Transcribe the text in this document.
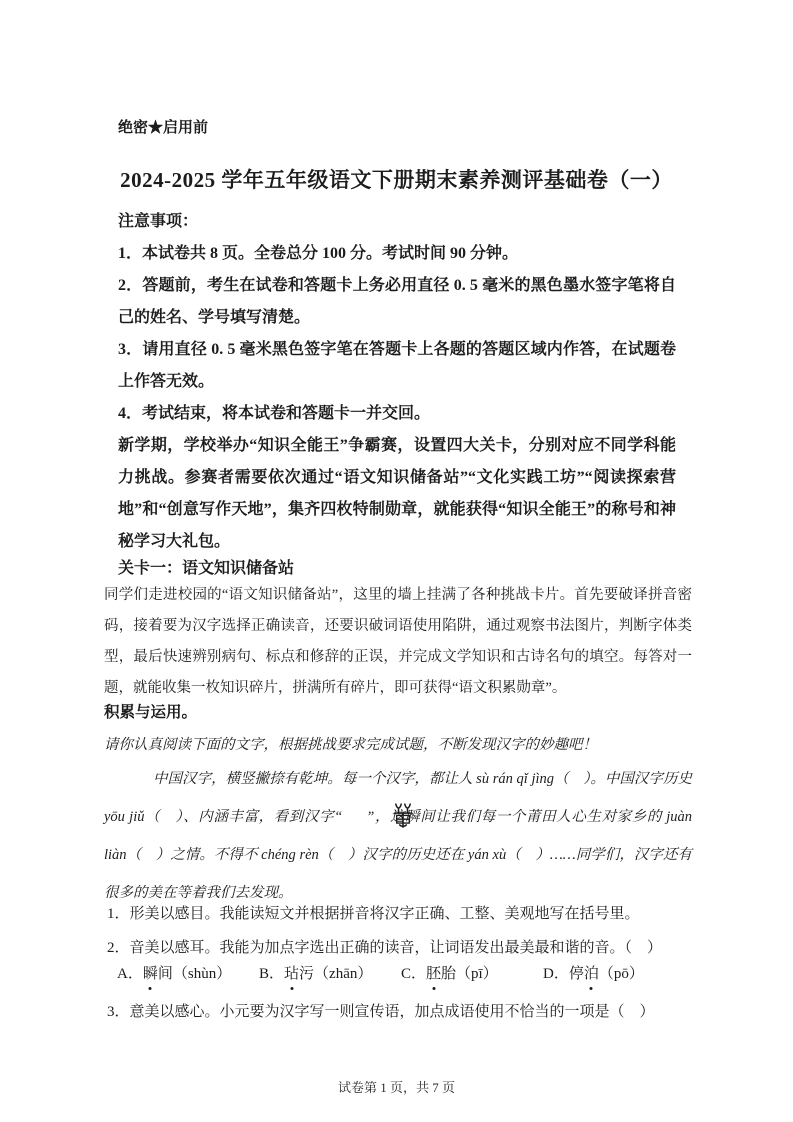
绝密★启用前
2024-2025 学年五年级语文下册期末素养测评基础卷（一）

注意事项：

1．本试卷共 8 页。全卷总分 100 分。考试时间 90 分钟。

2．答题前，考生在试卷和答题卡上务必用直径 0. 5 毫米的黑色墨水签字笔将自己的姓名、学号填写清楚。

3．请用直径 0. 5 毫米黑色签字笔在答题卡上各题的答题区域内作答，在试题卷上作答无效。

4．考试结束，将本试卷和答题卡一并交回。

新学期，学校举办“知识全能王”争霸赛，设置四大关卡，分别对应不同学科能力挑战。参赛者需要依次通过“语文知识储备站”“文化实践工坊”“阅读探索营地”和“创意写作天地”，集齐四枚特制勋章，就能获得“知识全能王”的称号和神秘学习大礼包。

关卡一：语文知识储备站
同学们走进校园的“语文知识储备站”，这里的墙上挂满了各种挑战卡片。首先要破译拼音密码，接着要为汉字选择正确读音，还要识破词语使用陷阱，通过观察书法图片，判断字体类型，最后快速辨别病句、标点和修辞的正误，并完成文学知识和古诗名句的填空。每答对一题，就能收集一枚知识碎片，拼满所有碎片，即可获得“语文积累勋章”。
积累与运用。
请你认真阅读下面的文字，根据挑战要求完成试题，不断发现汉字的妙趣吧！
中国汉字，横竖撇捺有乾坤。每一个汉字，都让人 sù rán qǐ jìng（　）。中国汉字历史 yōu jiǔ（　）、内涵丰富，看到汉字“ ”，这瞬间让我们每一个莆田人心生对家乡的 juàn liàn（　）之情。不得不 chéng rèn（　）汉字的历史还在 yán xù（　）……同学们，汉字还有很多的美在等着我们去发现。
1．形美以感目。我能读短文并根据拼音将汉字正确、工整、美观地写在括号里。
2．音美以感耳。我能为加点字选出正确的读音，让词语发出最美最和谐的音。（　）
A．瞬间（shùn）	B．玷污（zhān）	C．胚胎（pī）	D．停泊（pō）
3．意美以感心。小元要为汉字写一则宣传语，加点成语使用不恰当的一项是（　）
试卷第 1 页，共 7 页
